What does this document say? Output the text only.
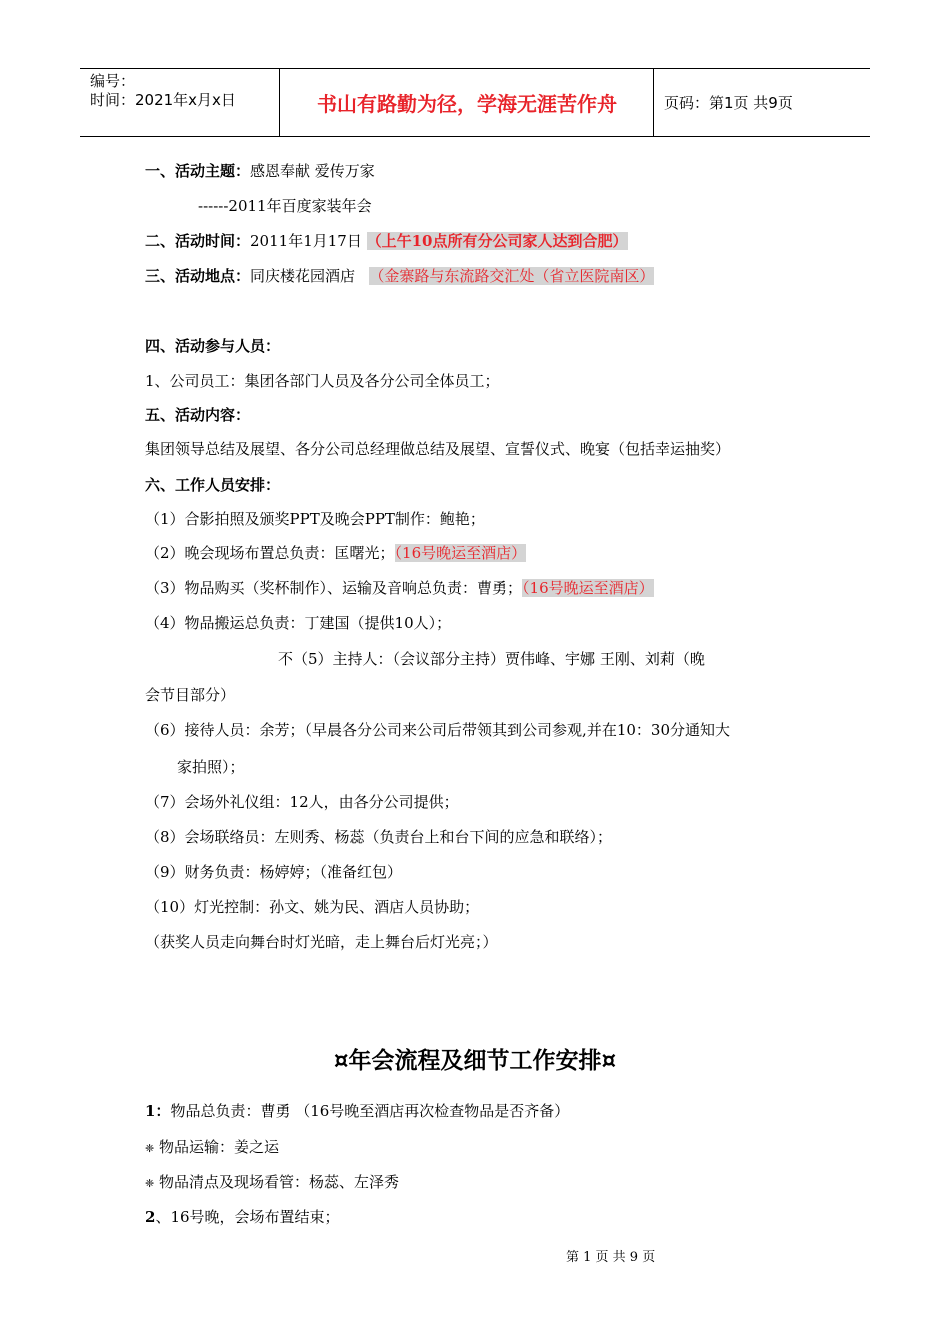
编号：
时间：2021年x月x日	书山有路勤为径，学海无涯苦作舟	页码：第1页 共9页
一、活动主题：感恩奉献 爱传万家
------2011年百度家装年会
二、活动时间：2011年1月17日 （上午10点所有分公司家人达到合肥）
三、活动地点：同庆楼花园酒店 （金寨路与东流路交汇处（省立医院南区）
四、活动参与人员：
1、公司员工：集团各部门人员及各分公司全体员工；
五、活动内容：
集团领导总结及展望、各分公司总经理做总结及展望、宣誓仪式、晚宴（包括幸运抽奖）
六、工作人员安排：
（1）合影拍照及颁奖PPT及晚会PPT制作：鲍艳；
（2）晚会现场布置总负责：匡曙光；（16号晚运至酒店）
（3）物品购买（奖杯制作）、运输及音响总负责：曹勇；（16号晚运至酒店）
（4）物品搬运总负责：丁建国（提供10人）；
不（5）主持人：（会议部分主持）贾伟峰、宇娜 王刚、刘莉（晚
会节目部分）
（6）接待人员：余芳；（早晨各分公司来公司后带领其到公司参观,并在10：30分通知大
家拍照）；
（7）会场外礼仪组：12人，由各分公司提供；
（8）会场联络员：左则秀、杨蕊（负责台上和台下间的应急和联络）；
（9）财务负责：杨婷婷；（准备红包）
（10）灯光控制：孙文、姚为民、酒店人员协助；
（获奖人员走向舞台时灯光暗，走上舞台后灯光亮；）
¤年会流程及细节工作安排¤
1：物品总负责：曹勇 （16号晚至酒店再次检查物品是否齐备）
❈ 物品运输：姜之运
❈ 物品清点及现场看管：杨蕊、左泽秀
2、16号晚，会场布置结束；
第 1 页 共 9 页
